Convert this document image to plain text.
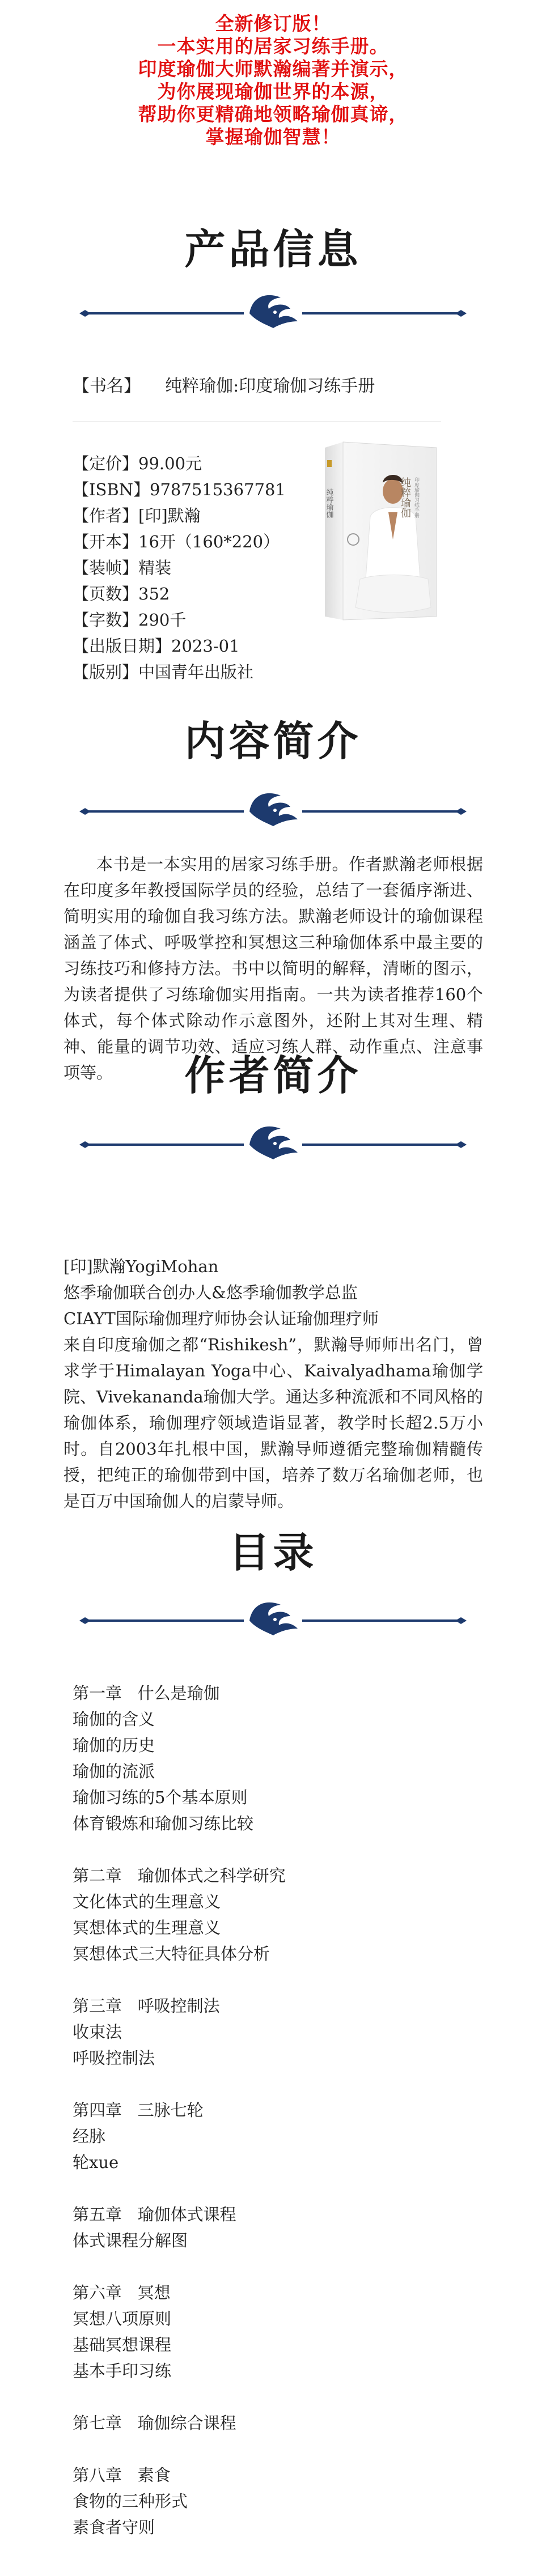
全新修订版！

一本实用的居家习练手册。

印度瑜伽大师默瀚编著并演示，

为你展现瑜伽世界的本源，

帮助你更精确地领略瑜伽真谛，

掌握瑜伽智慧！

产品信息
【书名】 纯粹瑜伽:印度瑜伽习练手册
【定价】99.00元
【ISBN】9787515367781
【作者】[印]默瀚
【开本】16开（160*220）
【装帧】精装
【页数】352
【字数】290千
【出版日期】2023-01
【版别】中国青年出版社
纯粹瑜伽	纯粹瑜伽 印度瑜伽习练手册
内容简介
本书是一本实用的居家习练手册。作者默瀚老师根据在印度多年教授国际学员的经验，总结了一套循序渐进、简明实用的瑜伽自我习练方法。默瀚老师设计的瑜伽课程涵盖了体式、呼吸掌控和冥想这三种瑜伽体系中最主要的习练技巧和修持方法。书中以简明的解释，清晰的图示，为读者提供了习练瑜伽实用指南。一共为读者推荐160个体式，每个体式除动作示意图外，还附上其对生理、精神、能量的调节功效、适应习练人群、动作重点、注意事项等。	作者简介
[印]默瀚YogiMohan
悠季瑜伽联合创办人&悠季瑜伽教学总监
CIAYT国际瑜伽理疗师协会认证瑜伽理疗师
来自印度瑜伽之都“Rishikesh”，默瀚导师师出名门，曾求学于Himalayan Yoga中心、Kaivalyadhama瑜伽学院、Vivekananda瑜伽大学。通达多种流派和不同风格的瑜伽体系，瑜伽理疗领域造诣显著，教学时长超2.5万小时。自2003年扎根中国，默瀚导师遵循完整瑜伽精髓传授，把纯正的瑜伽带到中国，培养了数万名瑜伽老师，也是百万中国瑜伽人的启蒙导师。
目录
第一章   什么是瑜伽
瑜伽的含义
瑜伽的历史
瑜伽的流派
瑜伽习练的5个基本原则
体育锻炼和瑜伽习练比较
第二章   瑜伽体式之科学研究
文化体式的生理意义
冥想体式的生理意义
冥想体式三大特征具体分析
第三章   呼吸控制法
收束法
呼吸控制法
第四章   三脉七轮
经脉
轮xue
第五章   瑜伽体式课程
体式课程分解图
第六章   冥想
冥想八项原则
基础冥想课程
基本手印习练
第七章   瑜伽综合课程
第八章   素食
食物的三种形式
素食者守则
